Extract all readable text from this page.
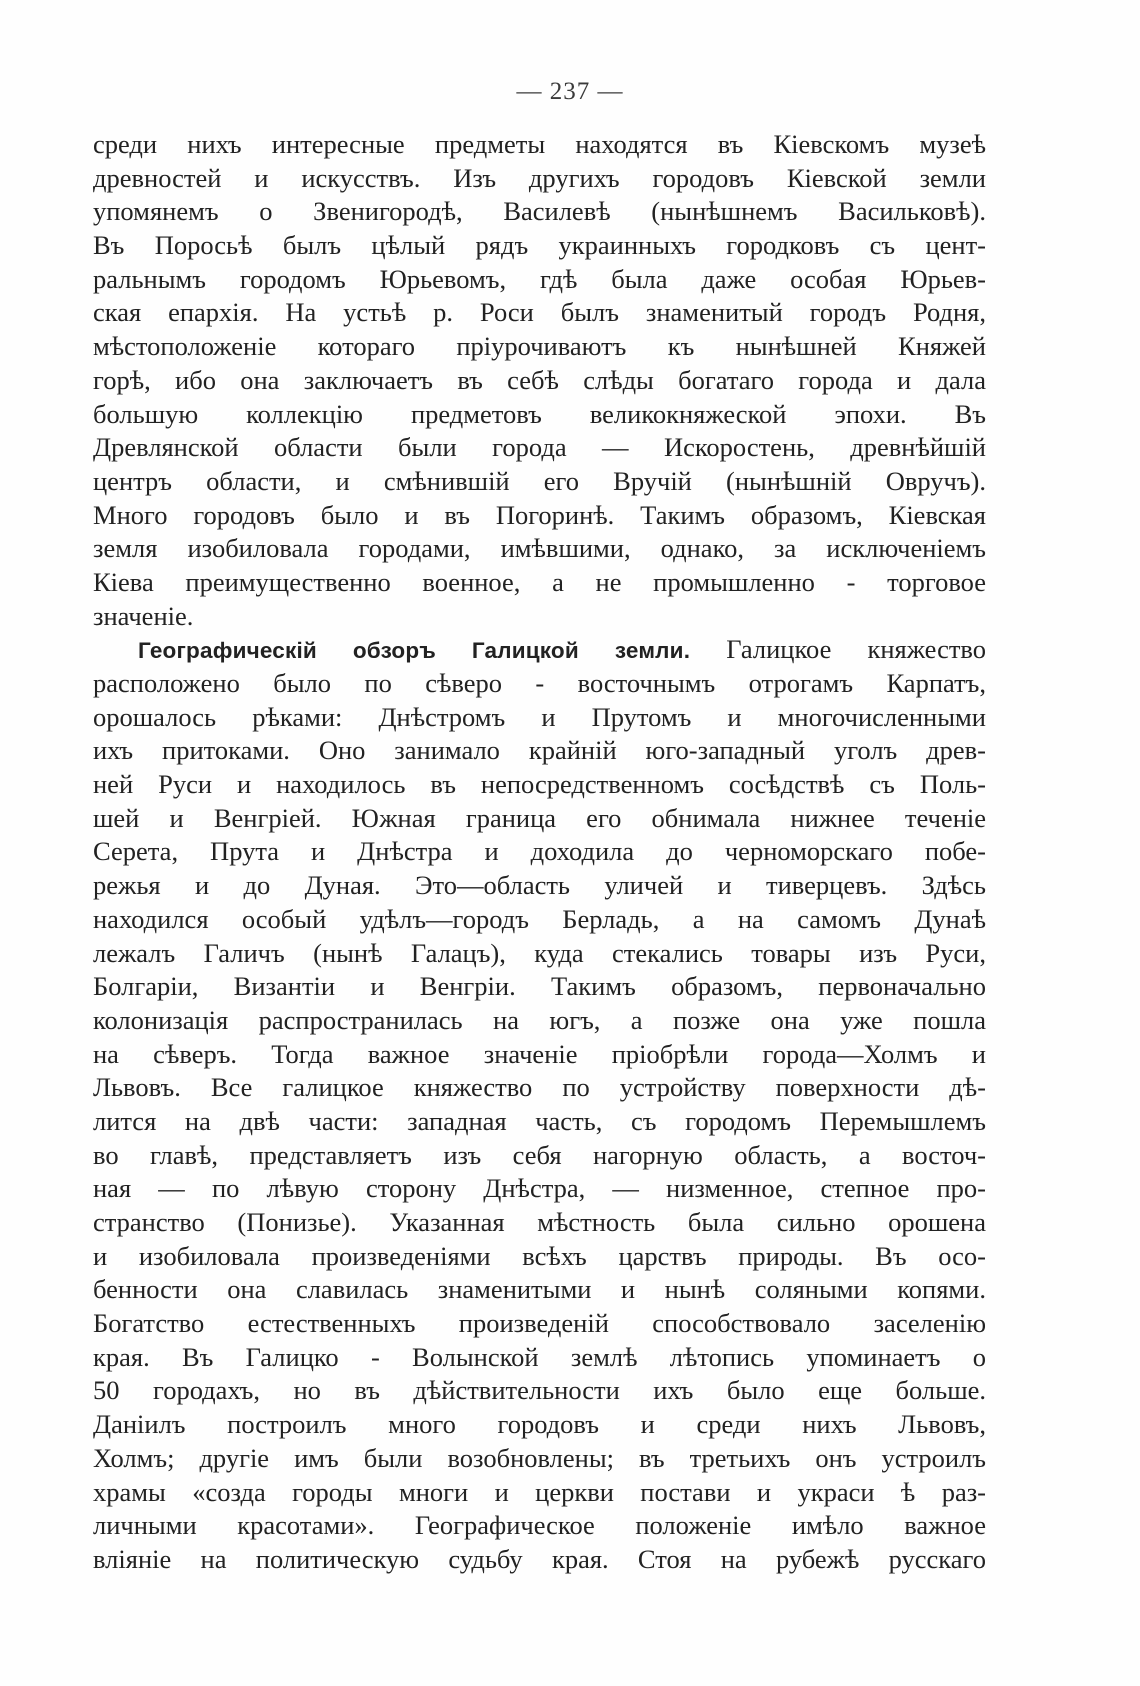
— 237 —
среди нихъ интересные предметы находятся въ Кіевскомъ музеѣ
древностей и искусствъ. Изъ другихъ городовъ Кіевской земли
упомянемъ о Звенигородѣ, Василевѣ (нынѣшнемъ Васильковѣ).
Въ Поросьѣ былъ цѣлый рядъ украинныхъ городковъ съ цент-
ральнымъ городомъ Юрьевомъ, гдѣ была даже особая Юрьев-
ская епархія. На устьѣ р. Роси былъ знаменитый городъ Родня,
мѣстоположеніе котораго пріурочиваютъ къ нынѣшней Княжей
горѣ, ибо она заключаетъ въ себѣ слѣды богатаго города и дала
большую коллекцію предметовъ великокняжеской эпохи. Въ
Древлянской области были города — Искоростень, древнѣйшій
центръ области, и смѣнившій его Вручій (нынѣшній Овручъ).
Много городовъ было и въ Погоринѣ. Такимъ образомъ, Кіевская
земля изобиловала городами, имѣвшими, однако, за исключеніемъ
Кіева преимущественно военное, а не промышленно - торговое
значеніе.
Географическій обзоръ Галицкой земли. Галицкое княжество
расположено было по сѣверо - восточнымъ отрогамъ Карпатъ,
орошалось рѣками: Днѣстромъ и Прутомъ и многочисленными
ихъ притоками. Оно занимало крайній юго-западный уголъ древ-
ней Руси и находилось въ непосредственномъ сосѣдствѣ съ Поль-
шей и Венгріей. Южная граница его обнимала нижнее теченіе
Серета, Прута и Днѣстра и доходила до черноморскаго побе-
режья и до Дуная. Это—область уличей и тиверцевъ. Здѣсь
находился особый удѣлъ—городъ Берладь, а на самомъ Дунаѣ
лежалъ Галичъ (нынѣ Галацъ), куда стекались товары изъ Руси,
Болгаріи, Византіи и Венгріи. Такимъ образомъ, первоначально
колонизація распространилась на югъ, а позже она уже пошла
на сѣверъ. Тогда важное значеніе пріобрѣли города—Холмъ и
Львовъ. Все галицкое княжество по устройству поверхности дѣ-
лится на двѣ части: западная часть, съ городомъ Перемышлемъ
во главѣ, представляетъ изъ себя нагорную область, а восточ-
ная — по лѣвую сторону Днѣстра, — низменное, степное про-
странство (Понизье). Указанная мѣстность была сильно орошена
и изобиловала произведеніями всѣхъ царствъ природы. Въ осо-
бенности она славилась знаменитыми и нынѣ соляными копями.
Богатство естественныхъ произведеній способствовало заселенію
края. Въ Галицко - Волынской землѣ лѣтопись упоминаетъ о
50 городахъ, но въ дѣйствительности ихъ было еще больше.
Даніилъ построилъ много городовъ и среди нихъ Львовъ,
Холмъ; другіе имъ были возобновлены; въ третьихъ онъ устроилъ
храмы «созда городы многи и церкви постави и украси ѣ раз-
личными красотами». Географическое положеніе имѣло важное
вліяніе на политическую судьбу края. Стоя на рубежѣ русскаго
